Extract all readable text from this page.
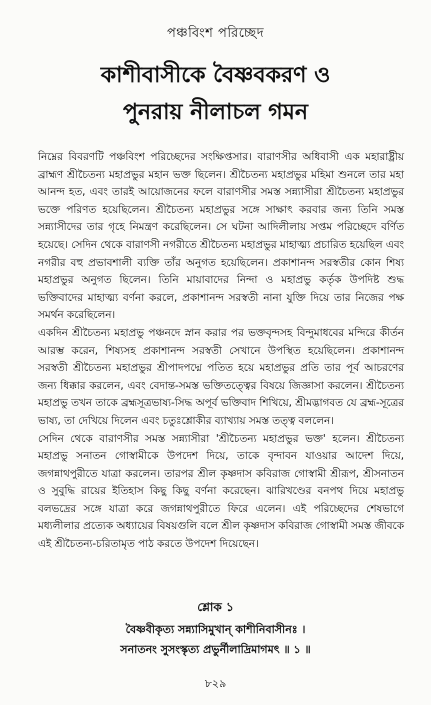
পঞ্চবিংশ পরিচ্ছেদ
কাশীবাসীকে বৈষ্ণবকরণ ও
পুনরায় নীলাচল গমন

নিম্নের বিবরণটি পঞ্চবিংশ পরিচ্ছেদের সংক্ষিপ্তসার। বারাণসীর অধিবাসী এক মহারাষ্ট্রীয় ব্রাহ্মণ শ্রীচৈতন্য মহাপ্রভুর মহান ভক্ত ছিলেন। শ্রীচৈতন্য মহাপ্রভুর মহিমা শুনলে তার মহা আনন্দ হত, এবং তারই আয়োজনের ফলে বারাণসীর সমস্ত সন্ন্যাসীরা শ্রীচৈতন্য মহাপ্রভুর ভক্তে পরিণত হয়েছিলেন। শ্রীচৈতন্য মহাপ্রভুর সঙ্গে সাক্ষাৎ করবার জন্য তিনি সমস্ত সন্ন্যাসীদের তার গৃহে নিমন্ত্রণ করেছিলেন। সে ঘটনা আদিলীলায় সপ্তম পরিচ্ছেদে বর্ণিত হয়েছে। সেদিন থেকে বারাণসী নগরীতে শ্রীচৈতন্য মহাপ্রভুর মাহাত্ম্য প্রচারিত হয়েছিল এবং নগরীর বহু প্রভাবশালী ব্যক্তি তাঁর অনুগত হয়েছিলেন। প্রকাশানন্দ সরস্বতীর কোন শিষ্য মহাপ্রভুর অনুগত ছিলেন। তিনি মায়াবাদের নিন্দা ও মহাপ্রভু কর্তৃক উপদিষ্ট শুদ্ধ ভক্তিবাদের মাহাত্ম্য বর্ণনা করলে, প্রকাশানন্দ সরস্বতী নানা যুক্তি দিয়ে তার নিজের পক্ষ সমর্থন করেছিলেন।

একদিন শ্রীচৈতন্য মহাপ্রভু পঞ্চনদে স্নান করার পর ভক্তবৃন্দসহ বিন্দুমাধবের মন্দিরে কীর্তন আরম্ভ করেন, শিষ্যসহ প্রকাশানন্দ সরস্বতী সেখানে উপস্থিত হয়েছিলেন। প্রকাশানন্দ সরস্বতী শ্রীচৈতন্য মহাপ্রভুর শ্রীপাদপদ্মে পতিত হয়ে মহাপ্রভুর প্রতি তার পূর্ব আচরণের জন্য ধিক্কার করলেন, এবং বেদান্ত-সমস্ত ভক্তিতত্ত্বের বিষয়ে জিজ্ঞাসা করলেন। শ্রীচৈতন্য মহাপ্রভু তখন তাকে ব্রহ্মসূত্রভাষ্য-সিদ্ধ অপূর্ব ভক্তিবাদ শিখিয়ে, শ্রীমদ্ভাগবত যে ব্রহ্ম-সূত্রের ভাষ্য, তা দেখিয়ে দিলেন এবং চতুঃশ্লোকীর ব্যাখ্যায় সমস্ত তত্ত্ব বললেন।

সেদিন থেকে বারাণসীর সমস্ত সন্ন্যাসীরা 'শ্রীচৈতন্য মহাপ্রভুর ভক্ত' হলেন। শ্রীচৈতন্য মহাপ্রভু সনাতন গোস্বামীকে উপদেশ দিয়ে, তাকে বৃন্দাবন যাওয়ার আদেশ দিয়ে, জগন্নাথপুরীতে যাত্রা করলেন। তারপর শ্রীল কৃষ্ণদাস কবিরাজ গোস্বামী শ্রীরূপ, শ্রীসনাতন ও সুবুদ্ধি রায়ের ইতিহাস কিছু কিছু বর্ণনা করেছেন। ঝারিখণ্ডের বনপথ দিয়ে মহাপ্রভু বলভদ্রের সঙ্গে যাত্রা করে জগন্নাথপুরীতে ফিরে এলেন। এই পরিচ্ছেদের শেষভাগে মধ্যলীলার প্রত্যেক অধ্যায়ের বিষয়গুলি বলে শ্রীল কৃষ্ণদাস কবিরাজ গোস্বামী সমস্ত জীবকে এই শ্রীচৈতন্য-চরিতামৃত পাঠ করতে উপদেশ দিয়েছেন।

শ্লোক ১
বৈষ্ণবীকৃত্য সন্ন্যাসিমুখান্ কাশীনিবাসীনঃ ।
সনাতনং সুসংস্কৃত্য প্রভুর্নীলাদ্রিমাগমৎ ॥ ১ ॥
৮২৯
